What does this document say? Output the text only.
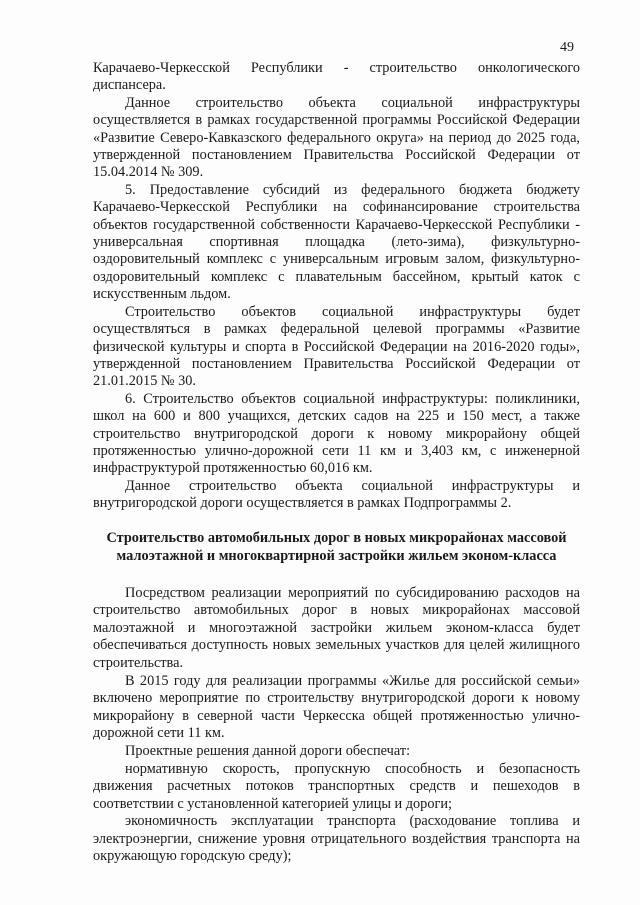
49

Карачаево-Черкесской Республики - строительство онкологического диспансера.

Данное строительство объекта социальной инфраструктуры осуществляется в рамках государственной программы Российской Федерации «Развитие Северо-Кавказского федерального округа» на период до 2025 года, утвержденной постановлением Правительства Российской Федерации от 15.04.2014 № 309.

5. Предоставление субсидий из федерального бюджета бюджету Карачаево-Черкесской Республики на софинансирование строительства объектов государственной собственности Карачаево-Черкесской Республики - универсальная спортивная площадка (лето-зима), физкультурно-оздоровительный комплекс с универсальным игровым залом, физкультурно-оздоровительный комплекс с плавательным бассейном, крытый каток с искусственным льдом.

Строительство объектов социальной инфраструктуры будет осуществляться в рамках федеральной целевой программы «Развитие физической культуры и спорта в Российской Федерации на 2016-2020 годы», утвержденной постановлением Правительства Российской Федерации от 21.01.2015 № 30.

6. Строительство объектов социальной инфраструктуры: поликлиники, школ на 600 и 800 учащихся, детских садов на 225 и 150 мест, а также строительство внутригородской дороги к новому микрорайону общей протяженностью улично-дорожной сети 11 км и 3,403 км, с инженерной инфраструктурой протяженностью 60,016 км.

Данное строительство объекта социальной инфраструктуры и внутригородской дороги осуществляется в рамках Подпрограммы 2.

Строительство автомобильных дорог в новых микрорайонах массовой малоэтажной и многоквартирной застройки жильем эконом-класса

Посредством реализации мероприятий по субсидированию расходов на строительство автомобильных дорог в новых микрорайонах массовой малоэтажной и многоэтажной застройки жильем эконом-класса будет обеспечиваться доступность новых земельных участков для целей жилищного строительства.

В 2015 году для реализации программы «Жилье для российской семьи» включено мероприятие по строительству внутригородской дороги к новому микрорайону в северной части Черкесска общей протяженностью улично-дорожной сети 11 км.

Проектные решения данной дороги обеспечат:

нормативную скорость, пропускную способность и безопасность движения расчетных потоков транспортных средств и пешеходов в соответствии с установленной категорией улицы и дороги;

экономичность эксплуатации транспорта (расходование топлива и электроэнергии, снижение уровня отрицательного воздействия транспорта на окружающую городскую среду);
